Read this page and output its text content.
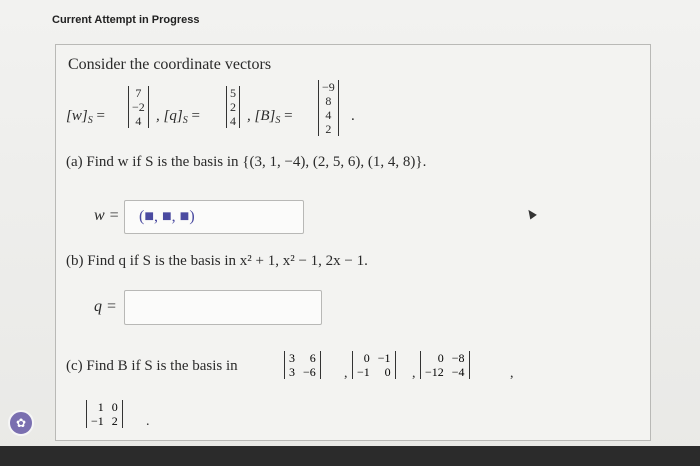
Current Attempt in Progress
Consider the coordinate vectors
$[w]_S$ =
7
−2
4 , $[q]_S$ =
5
2
4 , $[B]_S$ =
−9
8
4
2
.
(a) Find w if S is the basis in {(3, 1, −4), (2, 5, 6), (1, 4, 8)}.
w = (■, ■, ■)
(b) Find q if S is the basis in x² + 1, x² − 1, 2x − 1.
q =
(c) Find B if S is the basis in	3	6
3	−6 ,
0	−1
−1	0 ,
0	−8
−12	−4	,
1	0
−1	2 .
✿
